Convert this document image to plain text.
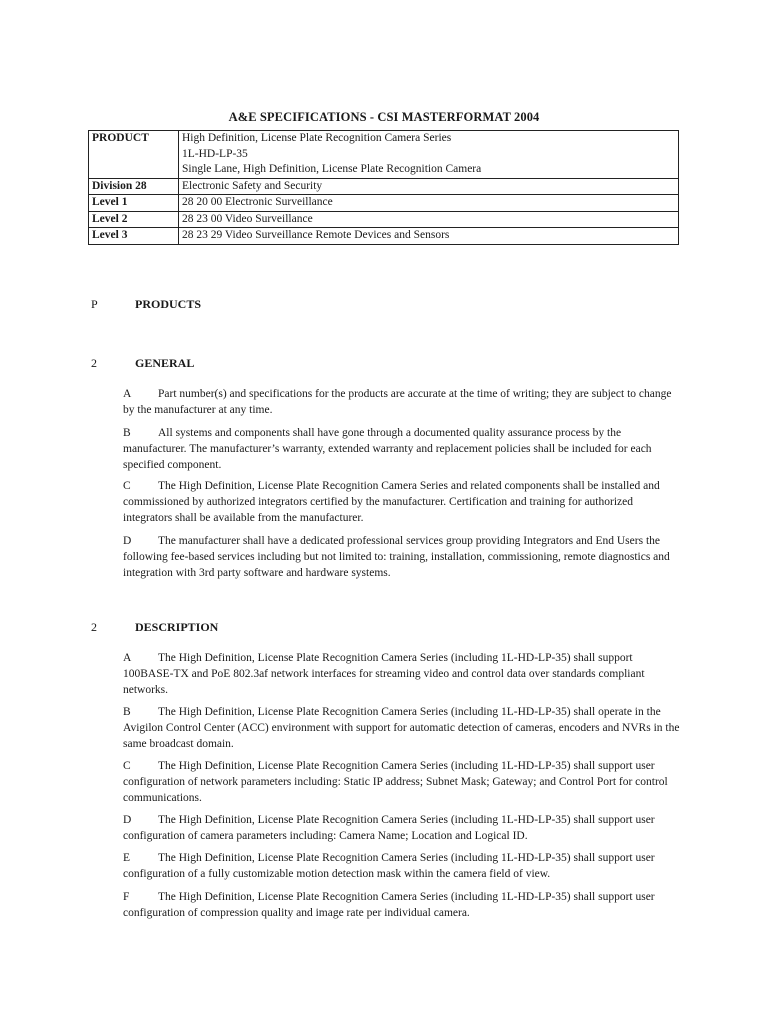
A&E SPECIFICATIONS - CSI MASTERFORMAT 2004
PRODUCT	High Definition, License Plate Recognition Camera Series
1L-HD-LP-35
Single Lane, High Definition, License Plate Recognition Camera

Division 28	Electronic Safety and Security
Level 1	28 20 00 Electronic Surveillance
Level 2	28 23 00 Video Surveillance
Level 3	28 23 29 Video Surveillance Remote Devices and Sensors
P	PRODUCTS
2	GENERAL
A Part number(s) and specifications for the products are accurate at the time of writing; they are subject to change by the manufacturer at any time.
B All systems and components shall have gone through a documented quality assurance process by the manufacturer. The manufacturer’s warranty, extended warranty and replacement policies shall be included for each specified component.
C The High Definition, License Plate Recognition Camera Series and related components shall be installed and commissioned by authorized integrators certified by the manufacturer. Certification and training for authorized integrators shall be available from the manufacturer.
D The manufacturer shall have a dedicated professional services group providing Integrators and End Users the following fee-based services including but not limited to: training, installation, commissioning, remote diagnostics and integration with 3rd party software and hardware systems.
2	DESCRIPTION
A The High Definition, License Plate Recognition Camera Series (including 1L-HD-LP-35) shall support 100BASE-TX and PoE 802.3af network interfaces for streaming video and control data over standards compliant networks.
B The High Definition, License Plate Recognition Camera Series (including 1L-HD-LP-35) shall operate in the Avigilon Control Center (ACC) environment with support for automatic detection of cameras, encoders and NVRs in the same broadcast domain.
C The High Definition, License Plate Recognition Camera Series (including 1L-HD-LP-35) shall support user configuration of network parameters including: Static IP address; Subnet Mask; Gateway; and Control Port for control communications.
D The High Definition, License Plate Recognition Camera Series (including 1L-HD-LP-35) shall support user configuration of camera parameters including: Camera Name; Location and Logical ID.
E The High Definition, License Plate Recognition Camera Series (including 1L-HD-LP-35) shall support user configuration of a fully customizable motion detection mask within the camera field of view.
F The High Definition, License Plate Recognition Camera Series (including 1L-HD-LP-35) shall support user configuration of compression quality and image rate per individual camera.
